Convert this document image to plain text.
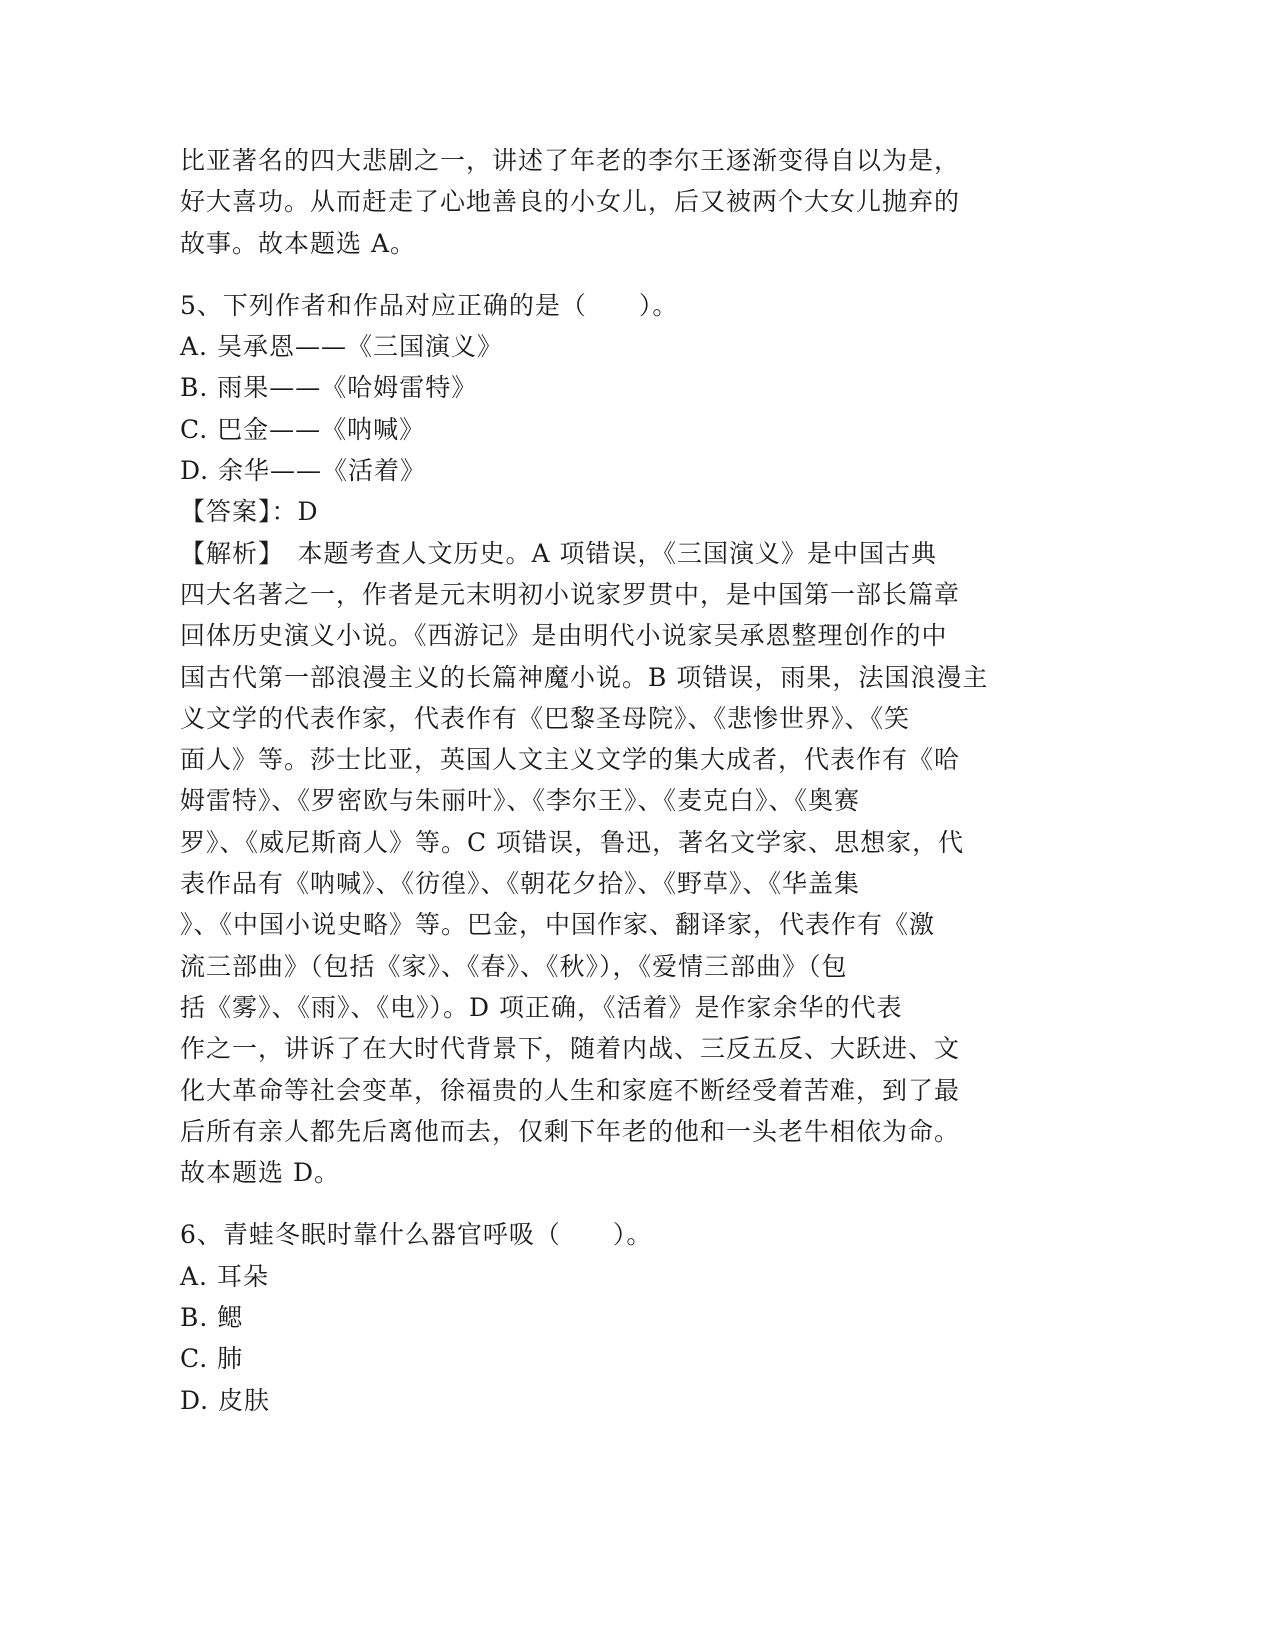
比亚著名的四大悲剧之一，讲述了年老的李尔王逐渐变得自以为是，
好大喜功。从而赶走了心地善良的小女儿，后又被两个大女儿抛弃的
故事。故本题选 A。
5、下列作者和作品对应正确的是（　　）。
A. 吴承恩——《三国演义》
B. 雨果——《哈姆雷特》
C. 巴金——《呐喊》
D. 余华——《活着》
【答案】：D
【解析】　本题考查人文历史。A 项错误，《三国演义》是中国古典
四大名著之一，作者是元末明初小说家罗贯中，是中国第一部长篇章
回体历史演义小说。《西游记》是由明代小说家吴承恩整理创作的中
国古代第一部浪漫主义的长篇神魔小说。B 项错误，雨果，法国浪漫主
义文学的代表作家，代表作有《巴黎圣母院》、《悲惨世界》、《笑
面人》等。莎士比亚，英国人文主义文学的集大成者，代表作有《哈
姆雷特》、《罗密欧与朱丽叶》、《李尔王》、《麦克白》、《奥赛
罗》、《威尼斯商人》等。C 项错误，鲁迅，著名文学家、思想家，代
表作品有《呐喊》、《彷徨》、《朝花夕拾》、《野草》、《华盖集
》、《中国小说史略》等。巴金，中国作家、翻译家，代表作有《激
流三部曲》（包括《家》、《春》、《秋》），《爱情三部曲》（包
括《雾》、《雨》、《电》）。D 项正确，《活着》是作家余华的代表
作之一，讲诉了在大时代背景下，随着内战、三反五反、大跃进、文
化大革命等社会变革，徐福贵的人生和家庭不断经受着苦难，到了最
后所有亲人都先后离他而去，仅剩下年老的他和一头老牛相依为命。
故本题选 D。
6、青蛙冬眠时靠什么器官呼吸（　　）。
A. 耳朵
B. 鳃
C. 肺
D. 皮肤
